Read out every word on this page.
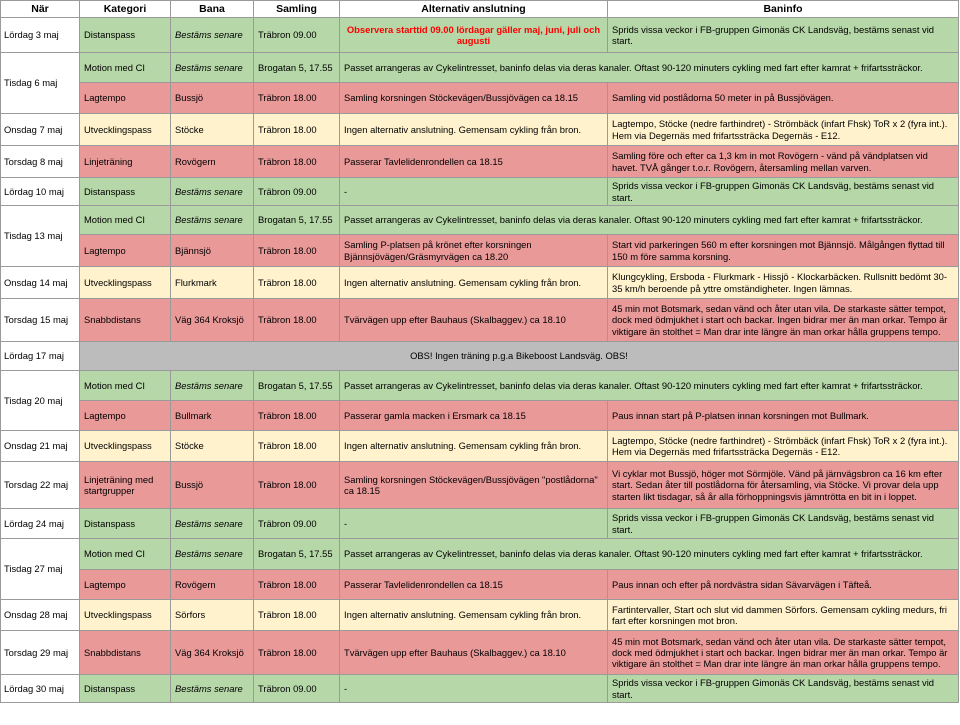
När	Kategori	Bana	Samling	Alternativ anslutning	Baninfo
Lördag 3 maj	Distanspass	Bestäms senare	Träbron 09.00	Observera starttid 09.00 lördagar gäller maj, juni, juli och augusti	Sprids vissa veckor i FB-gruppen Gimonäs CK Landsväg, bestäms senast vid start.
Tisdag 6 maj	Motion med CI	Bestäms senare	Brogatan 5, 17.55	Passet arrangeras av Cykelintresset, baninfo delas via deras kanaler. Oftast 90-120 minuters cykling med fart efter kamrat + frifartssträckor.	
	Lagtempo	Bussjö	Träbron 18.00	Samling korsningen Stöckevägen/Bussjövägen ca 18.15	Samling vid postlådorna 50 meter in på Bussjövägen.
Onsdag 7 maj	Utvecklingspass	Stöcke	Träbron 18.00	Ingen alternativ anslutning. Gemensam cykling från bron.	Lagtempo, Stöcke (nedre farthindret) - Strömbäck (infart Fhsk) ToR x 2 (fyra int.). Hem via Degernäs med frifartssträcka Degernäs - E12.
Torsdag 8 maj	Linjeträning	Rovögern	Träbron 18.00	Passerar Tavlelidenrondellen ca 18.15	Samling före och efter ca 1,3 km in mot Rovögern - vänd på vändplatsen vid havet. TVÅ gånger t.o.r. Rovögern, återsamling mellan varven.
Lördag 10 maj	Distanspass	Bestäms senare	Träbron 09.00	-	Sprids vissa veckor i FB-gruppen Gimonäs CK Landsväg, bestäms senast vid start.
Tisdag 13 maj	Motion med CI	Bestäms senare	Brogatan 5, 17.55	Passet arrangeras av Cykelintresset, baninfo delas via deras kanaler. Oftast 90-120 minuters cykling med fart efter kamrat + frifartssträckor.	
	Lagtempo	Bjännsjö	Träbron 18.00	Samling P-platsen på krönet efter korsningen Bjännsjövägen/Gräsmyrvägen ca 18.20	Start vid parkeringen 560 m efter korsningen mot Bjännsjö. Målgången flyttad till 150 m före samma korsning.
Onsdag 14 maj	Utvecklingspass	Flurkmark	Träbron 18.00	Ingen alternativ anslutning. Gemensam cykling från bron.	Klungcykling, Ersboda - Flurkmark - Hissjö - Klockarbäcken. Rullsnitt bedömt 30-35 km/h beroende på yttre omständigheter. Ingen lämnas.
Torsdag 15 maj	Snabbdistans	Väg 364 Kroksjö	Träbron 18.00	Tvärvägen upp efter Bauhaus (Skalbaggev.) ca 18.10	45 min mot Botsmark, sedan vänd och åter utan vila. De starkaste sätter tempot, dock med ödmjukhet i start och backar. Ingen bidrar mer än man orkar. Tempo är viktigare än stolthet = Man drar inte längre än man orkar hålla gruppens tempo.
Lördag 17 maj	OBS! Ingen träning p.g.a Bikeboost Landsväg. OBS!				
Tisdag 20 maj	Motion med CI	Bestäms senare	Brogatan 5, 17.55	Passet arrangeras av Cykelintresset, baninfo delas via deras kanaler. Oftast 90-120 minuters cykling med fart efter kamrat + frifartssträckor.	
	Lagtempo	Bullmark	Träbron 18.00	Passerar gamla macken i Ersmark ca 18.15	Paus innan start på P-platsen innan korsningen mot Bullmark.
Onsdag 21 maj	Utvecklingspass	Stöcke	Träbron 18.00	Ingen alternativ anslutning. Gemensam cykling från bron.	Lagtempo, Stöcke (nedre farthindret) - Strömbäck (infart Fhsk) ToR x 2 (fyra int.). Hem via Degernäs med frifartssträcka Degernäs - E12.
Torsdag 22 maj	Linjeträning med startgrupper	Bussjö	Träbron 18.00	Samling korsningen Stöckevägen/Bussjövägen "postlådorna" ca 18.15	Vi cyklar mot Bussjö, höger mot Sörmjöle. Vänd på järnvägsbron ca 16 km efter start. Sedan åter till postlådorna för återsamling, via Stöcke. Vi provar dela upp starten likt tisdagar, så år alla förhoppningsvis jämntrötta en bit in i loppet.
Lördag 24 maj	Distanspass	Bestäms senare	Träbron 09.00	-	Sprids vissa veckor i FB-gruppen Gimonäs CK Landsväg, bestäms senast vid start.
Tisdag 27 maj	Motion med CI	Bestäms senare	Brogatan 5, 17.55	Passet arrangeras av Cykelintresset, baninfo delas via deras kanaler. Oftast 90-120 minuters cykling med fart efter kamrat + frifartssträckor.	
	Lagtempo	Rovögern	Träbron 18.00	Passerar Tavlelidenrondellen ca 18.15	Paus innan och efter på nordvästra sidan Sävarvägen i Täfteå.
Onsdag 28 maj	Utvecklingspass	Sörfors	Träbron 18.00	Ingen alternativ anslutning. Gemensam cykling från bron.	Fartintervaller, Start och slut vid dammen Sörfors. Gemensam cykling medurs, fri fart efter korsningen mot bron.
Torsdag 29 maj	Snabbdistans	Väg 364 Kroksjö	Träbron 18.00	Tvärvägen upp efter Bauhaus (Skalbaggev.) ca 18.10	45 min mot Botsmark, sedan vänd och åter utan vila. De starkaste sätter tempot, dock med ödmjukhet i start och backar. Ingen bidrar mer än man orkar. Tempo är viktigare än stolthet = Man drar inte längre än man orkar hålla gruppens tempo.
Lördag 30 maj	Distanspass	Bestäms senare	Träbron 09.00	-	Sprids vissa veckor i FB-gruppen Gimonäs CK Landsväg, bestäms senast vid start.
